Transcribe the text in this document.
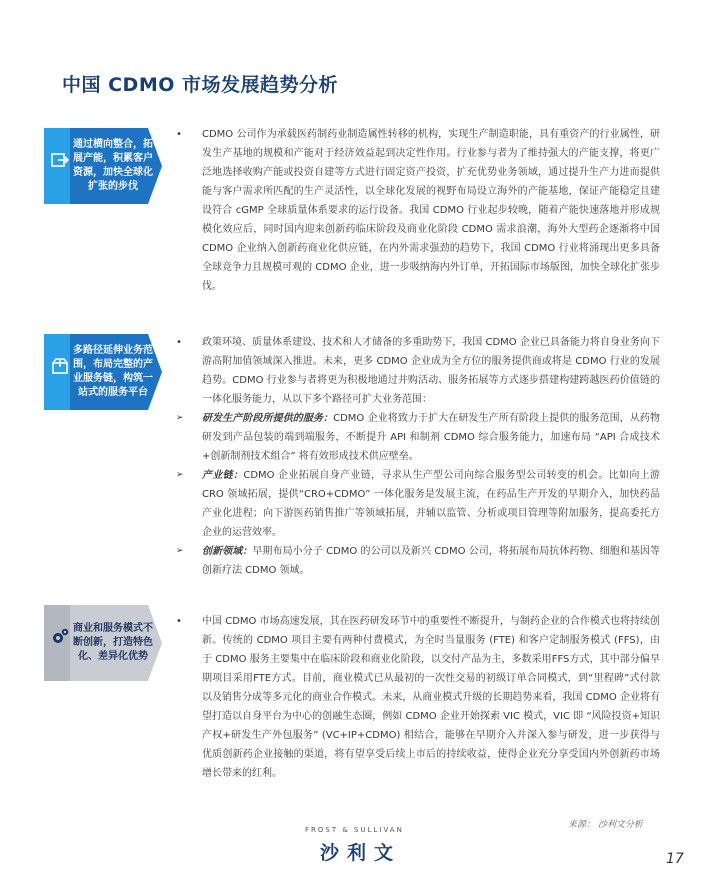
中国 CDMO 市场发展趋势分析
通过横向整合，拓展产能，积累客户资源，加快全球化扩张的步伐
• CDMO 公司作为承载医药制药业制造属性转移的机构，实现生产制造职能，具有重资产的行业属性，研发生产基地的规模和产能对于经济效益起到决定性作用。行业参与者为了维持强大的产能支撑，将更广泛地选择收购产能或投资自建等方式进行固定资产投资，扩充优势业务领域，通过提升生产力进而提供能与客户需求所匹配的生产灵活性，以全球化发展的视野布局设立海外的产能基地，保证产能稳定且建设符合 cGMP 全球质量体系要求的运行设备。我国 CDMO 行业起步较晚，随着产能快速落地并形成规模化效应后，同时国内迎来创新药临床阶段及商业化阶段 CDMO 需求浪潮，海外大型药企逐渐将中国 CDMO 企业纳入创新药商业化供应链，在内外需求强劲的趋势下，我国 CDMO 行业将涌现出更多具备全球竞争力且规模可观的 CDMO 企业，进一步吸纳海内外订单，开拓国际市场版图，加快全球化扩张步伐。
多路径延伸业务范围，布局完整的产业服务链，构筑一站式的服务平台
• 政策环境、质量体系建设、技术和人才储备的多重助势下，我国 CDMO 企业已具备能力将自身业务向下游高附加值领域深入推进。未来，更多 CDMO 企业成为全方位的服务提供商或将是 CDMO 行业的发展趋势。CDMO 行业参与者将更为积极地通过并购活动、服务拓展等方式逐步搭建构建跨越医药价值链的一体化服务能力，从以下多个路径可扩大业务范围：
➢ 研发生产阶段所提供的服务：CDMO 企业将致力于扩大在研发生产所有阶段上提供的服务范围，从药物研发到产品包装的端到端服务，不断提升 API 和制剂 CDMO 综合服务能力，加速布局 “API 合成技术+创新制剂技术组合” 将有效形成技术供应壁垒。
➢ 产业链：CDMO 企业拓展自身产业链，寻求从生产型公司向综合服务型公司转变的机会。比如向上游 CRO 领域拓展，提供“CRO+CDMO” 一体化服务是发展主流，在药品生产开发的早期介入，加快药品产业化进程；向下游医药销售推广等领域拓展，并辅以监管、分析或项目管理等附加服务，提高委托方企业的运营效率。
➢ 创新领域：早期布局小分子 CDMO 的公司以及新兴 CDMO 公司，将拓展布局抗体药物、细胞和基因等创新疗法 CDMO 领域。
商业和服务模式不断创新，打造特色化、差异化优势
• 中国 CDMO 市场高速发展，其在医药研发环节中的重要性不断提升，与制药企业的合作模式也将持续创新。传统的 CDMO 项目主要有两种付费模式，为全时当量服务 (FTE) 和客户定制服务模式 (FFS)，由于 CDMO 服务主要集中在临床阶段和商业化阶段，以交付产品为主，多数采用FFS方式，其中部分偏早期项目采用FTE方式。目前，商业模式已从最初的一次性交易的初级订单合同模式，到“里程碑”式付款以及销售分成等多元化的商业合作模式。未来，从商业模式升级的长期趋势来看，我国 CDMO 企业将有望打造以自身平台为中心的创融生态圈，例如 CDMO 企业开始探索 VIC 模式，VIC 即 “风险投资+知识产权+研发生产外包服务” (VC+IP+CDMO) 相结合，能够在早期介入并深入参与研发，进一步获得与优质创新药企业接触的渠道，将有望享受后续上市后的持续收益，使得企业充分享受国内外创新药市场增长带来的红利。
来源： 沙利文分析
FROST & SULLIVAN
沙利文	17
